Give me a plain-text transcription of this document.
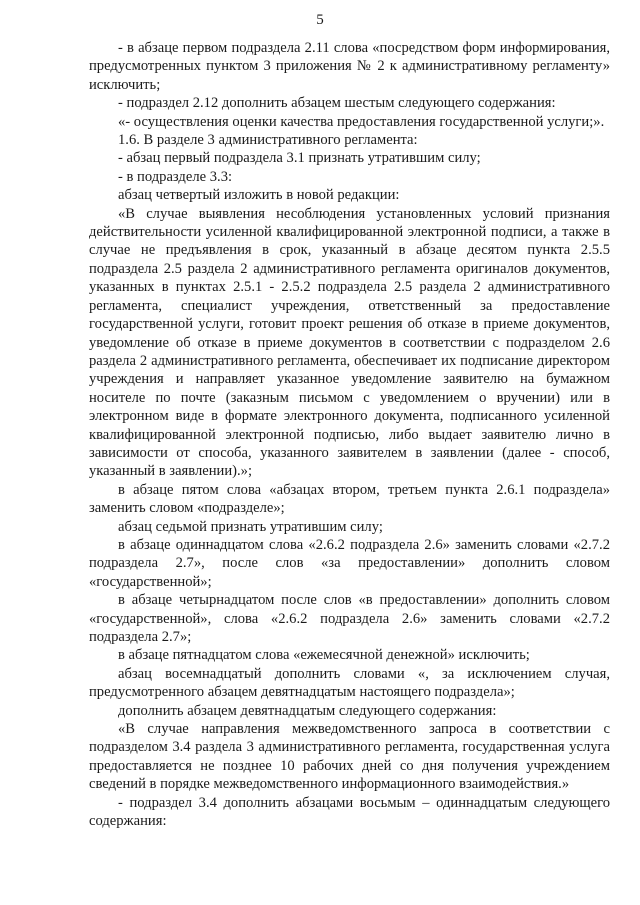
5

- в абзаце первом подраздела 2.11 слова «посредством форм информирования, предусмотренных пунктом 3 приложения № 2 к административному регламенту» исключить;

- подраздел 2.12 дополнить абзацем шестым следующего содержания:

«- осуществления оценки качества предоставления государственной услуги;».

1.6. В разделе 3 административного регламента:

- абзац первый подраздела 3.1 признать утратившим силу;

- в подразделе 3.3:

абзац четвертый изложить в новой редакции:

«В случае выявления несоблюдения установленных условий признания действительности усиленной квалифицированной электронной подписи, а также в случае не предъявления в срок, указанный в абзаце десятом пункта 2.5.5 подраздела 2.5 раздела 2 административного регламента оригиналов документов, указанных в пунктах 2.5.1 - 2.5.2 подраздела 2.5 раздела 2 административного регламента, специалист учреждения, ответственный за предоставление государственной услуги, готовит проект решения об отказе в приеме документов, уведомление об отказе в приеме документов в соответствии с подразделом 2.6 раздела 2 административного регламента, обеспечивает их подписание директором учреждения и направляет указанное уведомление заявителю на бумажном носителе по почте (заказным письмом с уведомлением о вручении) или в электронном виде в формате электронного документа, подписанного усиленной квалифицированной электронной подписью, либо выдает заявителю лично в зависимости от способа, указанного заявителем в заявлении (далее - способ, указанный в заявлении).»;

в абзаце пятом слова «абзацах втором, третьем пункта 2.6.1 подраздела» заменить словом «подразделе»;

абзац седьмой признать утратившим силу;

в абзаце одиннадцатом слова «2.6.2 подраздела 2.6» заменить словами «2.7.2 подраздела 2.7», после слов «за предоставлении» дополнить словом «государственной»;

в абзаце четырнадцатом после слов «в предоставлении» дополнить словом «государственной», слова «2.6.2 подраздела 2.6» заменить словами «2.7.2 подраздела 2.7»;

в абзаце пятнадцатом слова «ежемесячной денежной» исключить;

абзац восемнадцатый дополнить словами «, за исключением случая, предусмотренного абзацем девятнадцатым настоящего подраздела»;

дополнить абзацем девятнадцатым следующего содержания:

«В случае направления межведомственного запроса в соответствии с подразделом 3.4 раздела 3 административного регламента, государственная услуга предоставляется не позднее 10 рабочих дней со дня получения учреждением сведений в порядке межведомственного информационного взаимодействия.»

- подраздел 3.4 дополнить абзацами восьмым – одиннадцатым следующего содержания:
